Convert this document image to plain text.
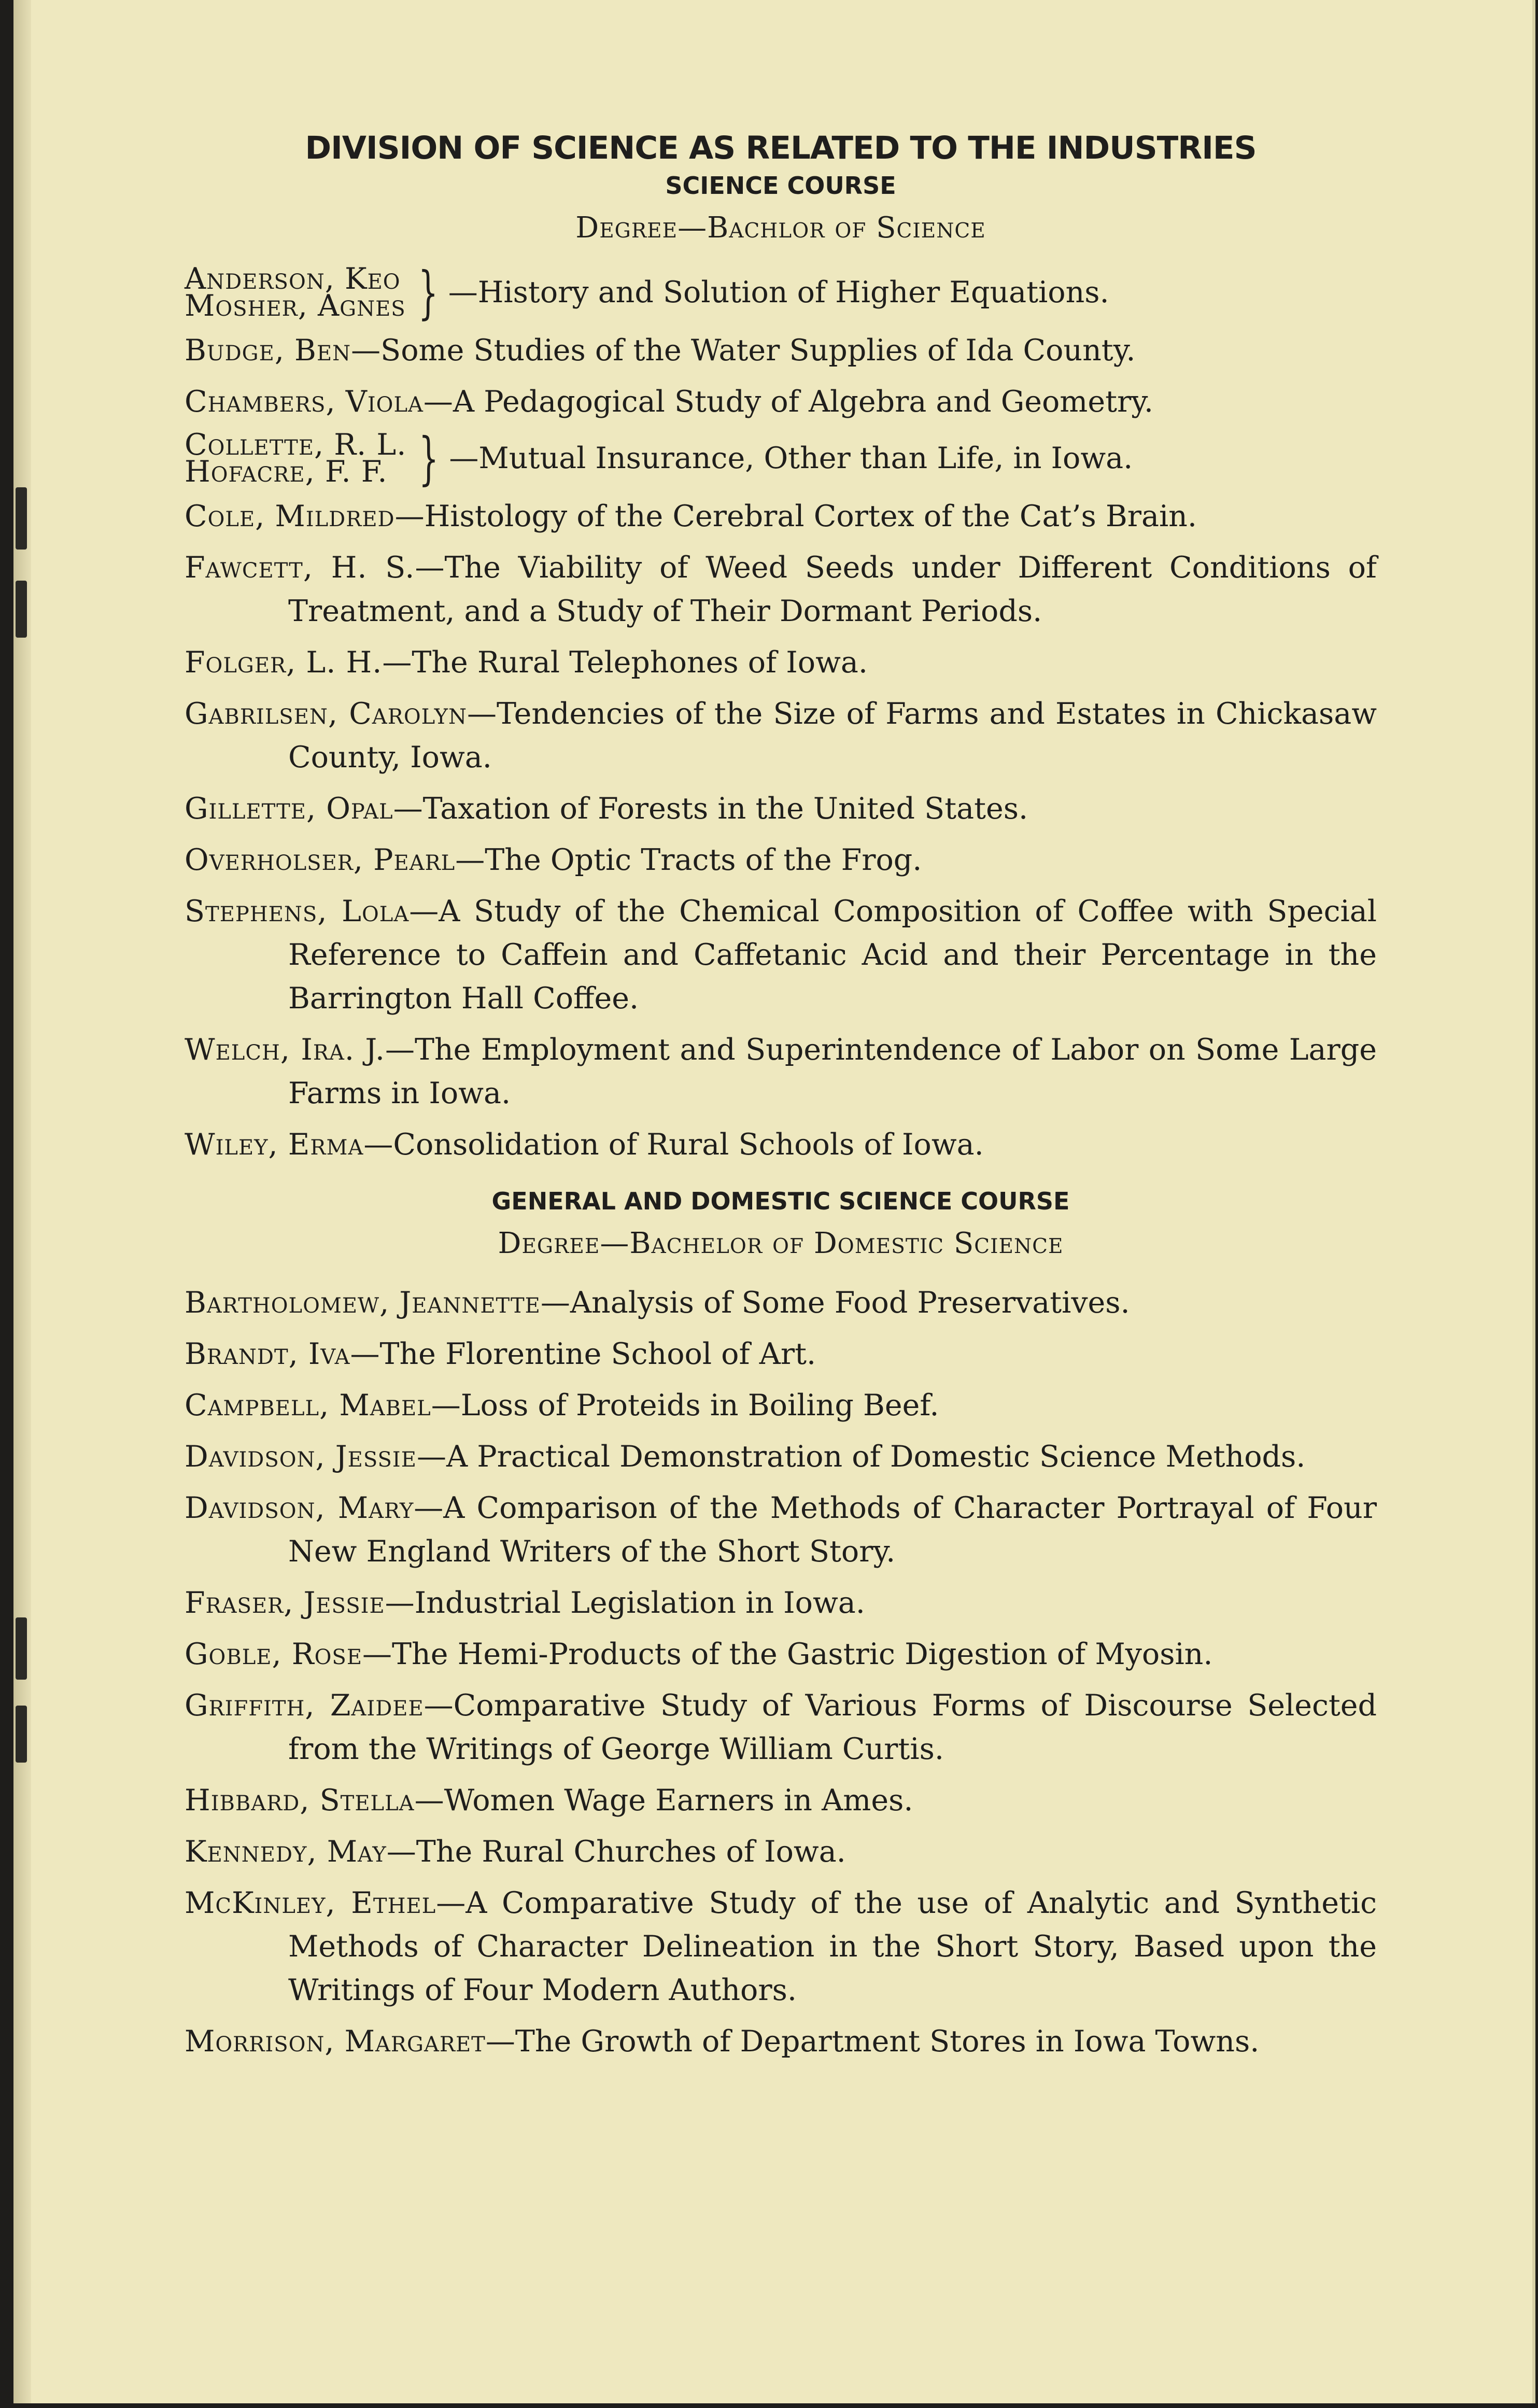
DIVISION OF SCIENCE AS RELATED TO THE INDUSTRIES
SCIENCE COURSE
Degree—Bachlor of Science
Anderson, Keo
Mosher, Agnes } —History and Solution of Higher Equations.
Budge, Ben—Some Studies of the Water Supplies of Ida County.
Chambers, Viola—A Pedagogical Study of Algebra and Geometry.
Collette, R. L.
Hofacre, F. F. } —Mutual Insurance, Other than Life, in Iowa.
Cole, Mildred—Histology of the Cerebral Cortex of the Cat’s Brain.
Fawcett, H. S.—The Viability of Weed Seeds under Different Conditions of Treatment, and a Study of Their Dormant Periods.
Folger, L. H.—The Rural Telephones of Iowa.
Gabrilsen, Carolyn—Tendencies of the Size of Farms and Estates in Chickasaw County, Iowa.
Gillette, Opal—Taxation of Forests in the United States.
Overholser, Pearl—The Optic Tracts of the Frog.
Stephens, Lola—A Study of the Chemical Composition of Coffee with Special Reference to Caffein and Caffetanic Acid and their Percentage in the Barrington Hall Coffee.
Welch, Ira. J.—The Employment and Superintendence of Labor on Some Large Farms in Iowa.
Wiley, Erma—Consolidation of Rural Schools of Iowa.
GENERAL AND DOMESTIC SCIENCE COURSE
Degree—Bachelor of Domestic Science
Bartholomew, Jeannette—Analysis of Some Food Preservatives.
Brandt, Iva—The Florentine School of Art.
Campbell, Mabel—Loss of Proteids in Boiling Beef.
Davidson, Jessie—A Practical Demonstration of Domestic Science Methods.
Davidson, Mary—A Comparison of the Methods of Character Portrayal of Four New England Writers of the Short Story.
Fraser, Jessie—Industrial Legislation in Iowa.
Goble, Rose—The Hemi-Products of the Gastric Digestion of Myosin.
Griffith, Zaidee—Comparative Study of Various Forms of Discourse Selected from the Writings of George William Curtis.
Hibbard, Stella—Women Wage Earners in Ames.
Kennedy, May—The Rural Churches of Iowa.
McKinley, Ethel—A Comparative Study of the use of Analytic and Synthetic Methods of Character Delineation in the Short Story, Based upon the Writings of Four Modern Authors.
Morrison, Margaret—The Growth of Department Stores in Iowa Towns.
